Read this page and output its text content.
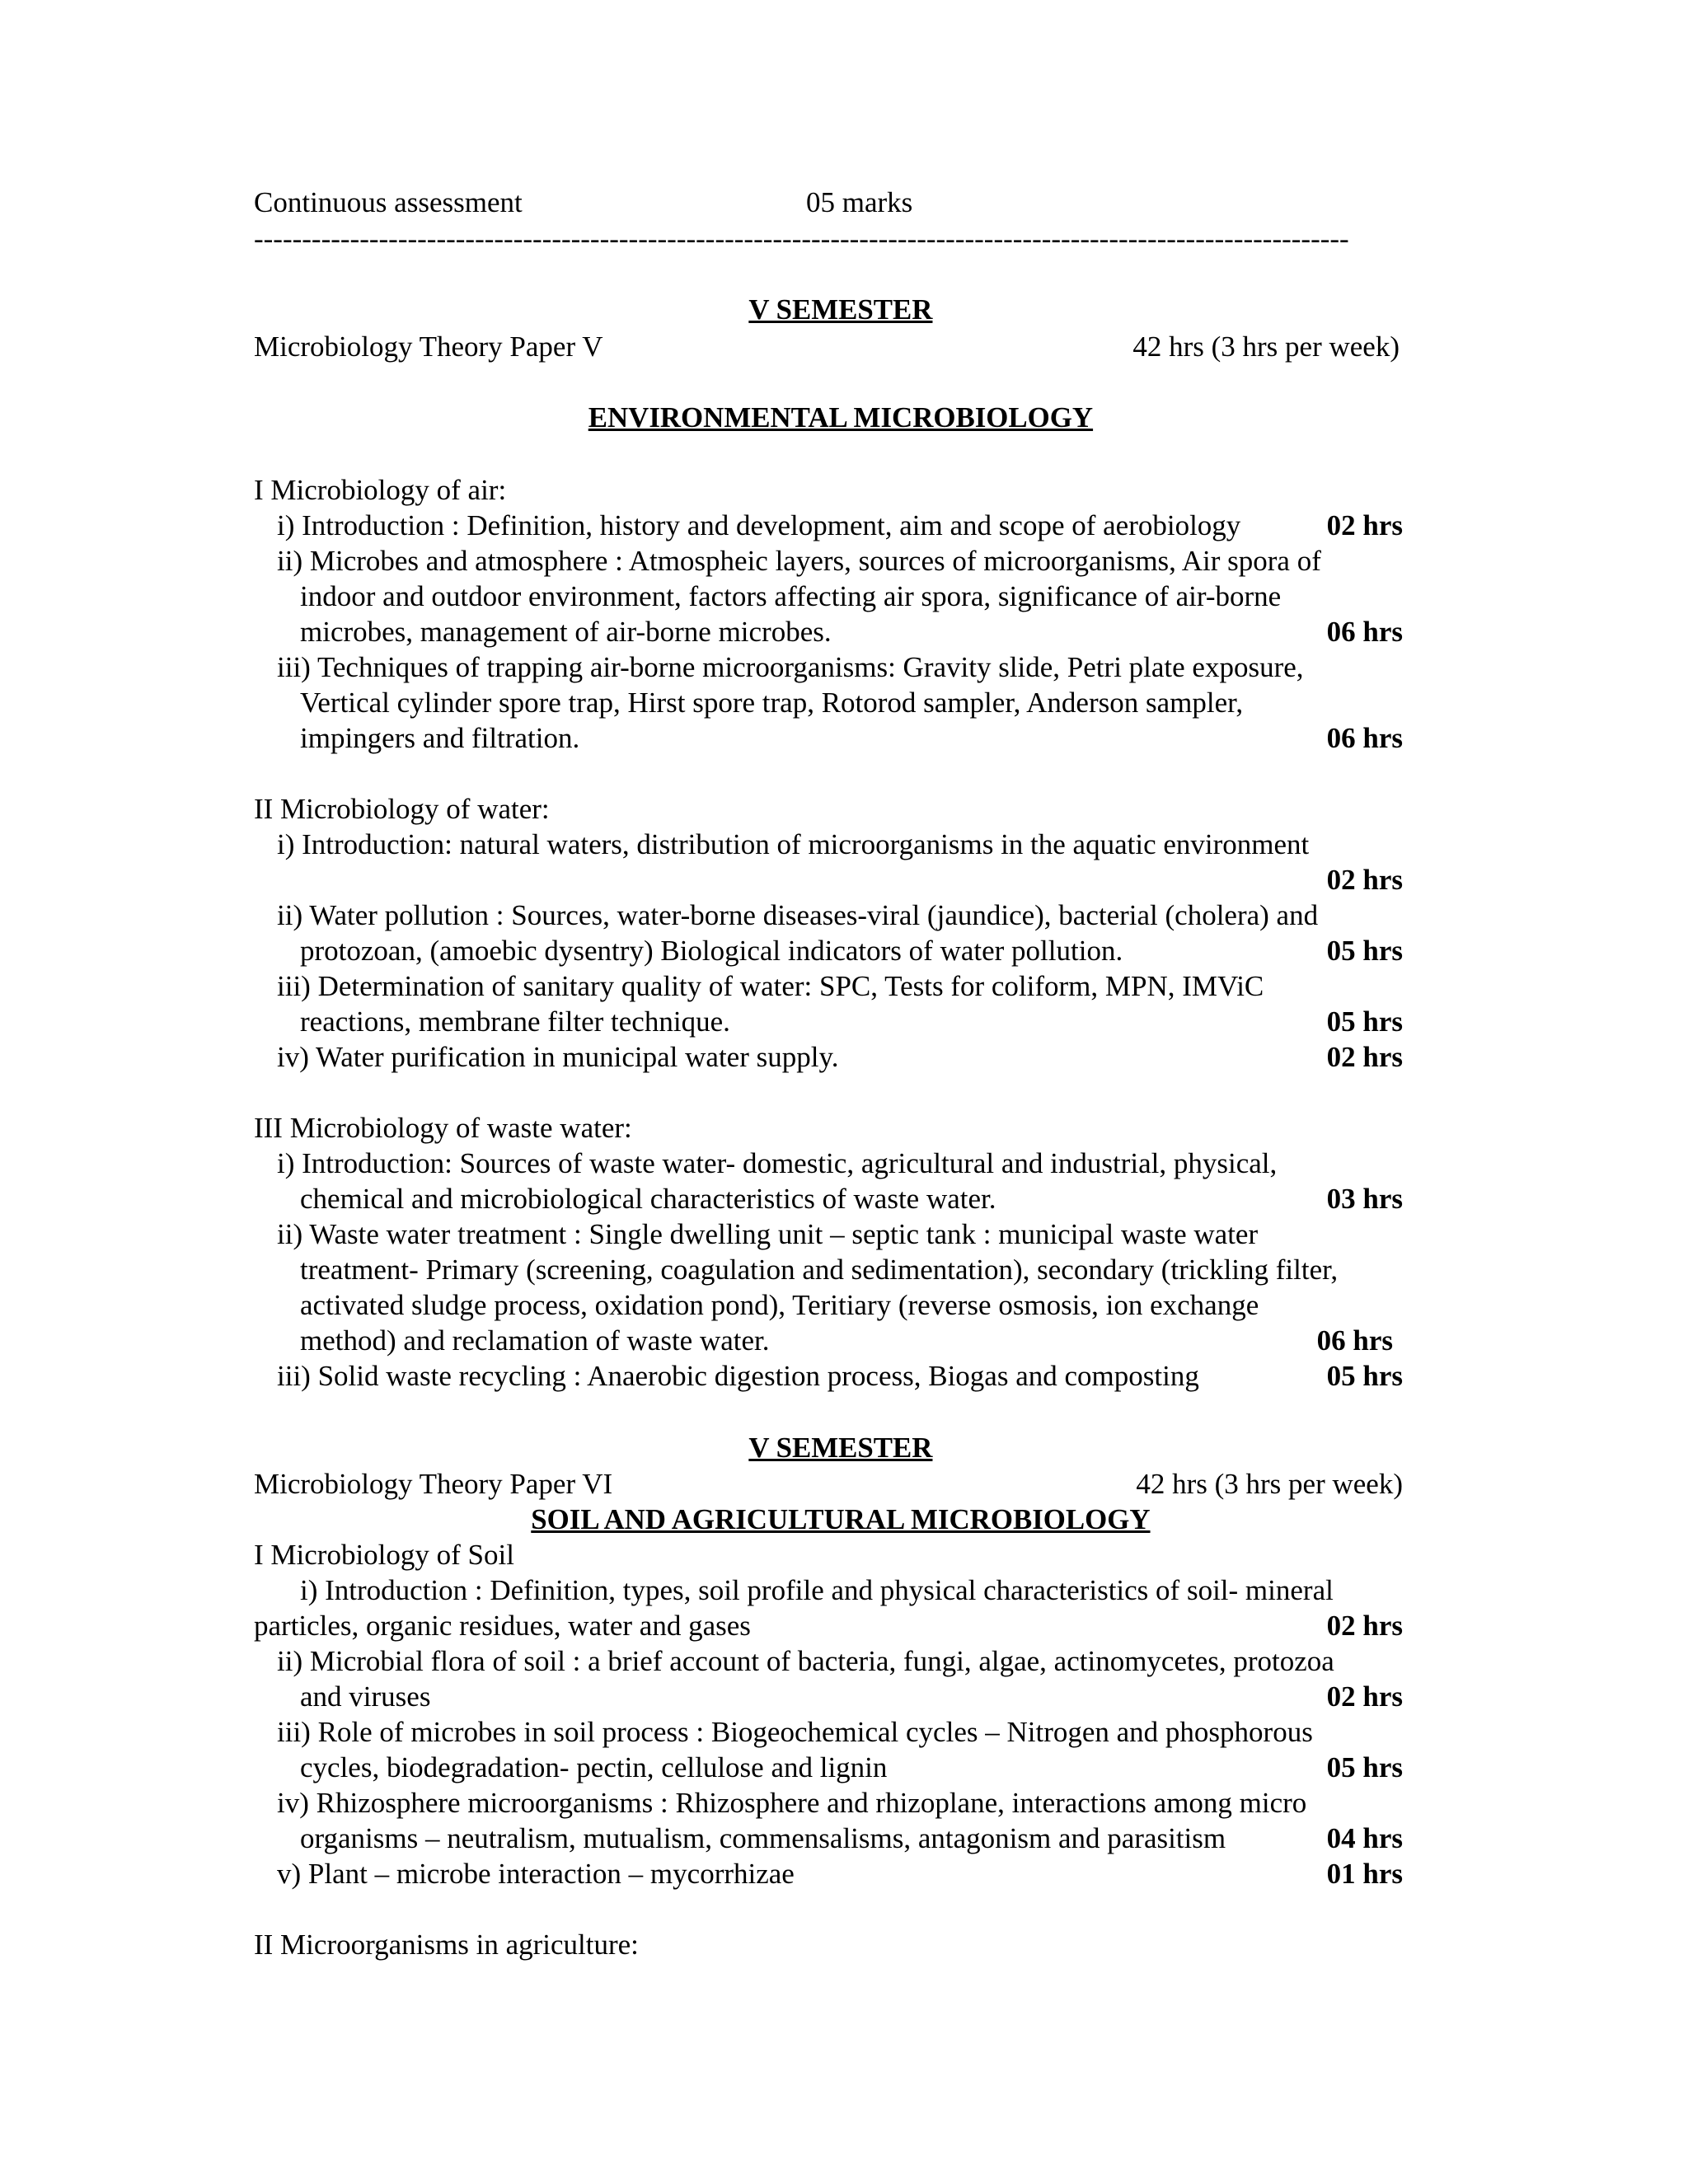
Continuous assessment	05 marks
------------------------------------------------------------------------------------------------------------------
V SEMESTER
Microbiology Theory Paper V	42 hrs (3 hrs per week)
ENVIRONMENTAL MICROBIOLOGY
I Microbiology of air:
i) Introduction : Definition, history and development, aim and scope of aerobiology	02 hrs
ii) Microbes and atmosphere : Atmospheic layers, sources of microorganisms, Air spora of
indoor and outdoor environment, factors affecting air spora, significance of air-borne
microbes, management of air-borne microbes.	06 hrs
iii) Techniques of trapping air-borne microorganisms: Gravity slide, Petri plate exposure,
Vertical cylinder spore trap, Hirst spore trap, Rotorod sampler, Anderson sampler,
impingers and filtration.	06 hrs
II Microbiology of water:
i) Introduction: natural waters, distribution of microorganisms in the aquatic environment
02 hrs
ii) Water pollution : Sources, water-borne diseases-viral (jaundice), bacterial (cholera) and
protozoan, (amoebic dysentry) Biological indicators of water pollution.	05 hrs
iii) Determination of sanitary quality of water: SPC, Tests for coliform, MPN, IMViC
reactions, membrane filter technique.	05 hrs
iv) Water purification in municipal water supply.	02 hrs
III Microbiology of waste water:
i) Introduction: Sources of waste water- domestic, agricultural and industrial, physical,
chemical and microbiological characteristics of waste water.	03 hrs
ii) Waste water treatment : Single dwelling unit – septic tank : municipal waste water
treatment- Primary (screening, coagulation and sedimentation), secondary (trickling filter,
activated sludge process, oxidation pond), Teritiary (reverse osmosis, ion exchange
method) and reclamation of waste water.	06 hrs
iii) Solid waste recycling : Anaerobic digestion process, Biogas and composting	05 hrs
V SEMESTER
Microbiology Theory Paper VI	42 hrs (3 hrs per week)
SOIL AND AGRICULTURAL MICROBIOLOGY
I Microbiology of Soil
i) Introduction : Definition, types, soil profile and physical characteristics of soil- mineral
particles, organic residues, water and gases	02 hrs
ii) Microbial flora of soil : a brief account of bacteria, fungi, algae, actinomycetes, protozoa
and viruses	02 hrs
iii) Role of microbes in soil process : Biogeochemical cycles – Nitrogen and phosphorous
cycles, biodegradation- pectin, cellulose and lignin	05 hrs
iv) Rhizosphere microorganisms : Rhizosphere and rhizoplane, interactions among micro
organisms – neutralism, mutualism, commensalisms, antagonism and parasitism	04 hrs
v) Plant – microbe interaction – mycorrhizae	01 hrs
II Microorganisms in agriculture:
